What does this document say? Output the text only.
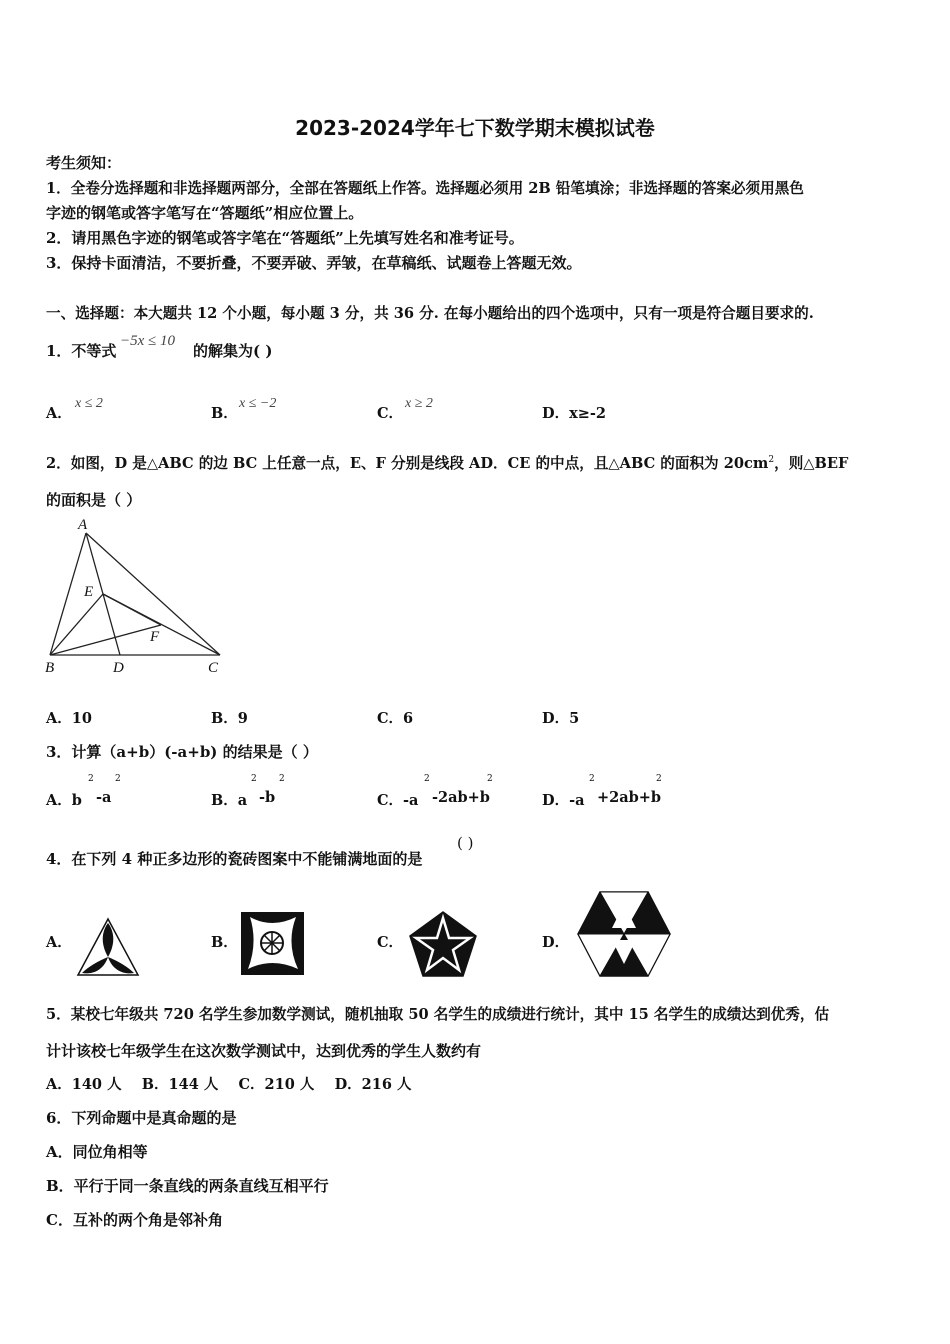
2023-2024学年七下数学期末模拟试卷
考生须知：
1．全卷分选择题和非选择题两部分，全部在答题纸上作答。选择题必须用 2B 铅笔填涂；非选择题的答案必须用黑色
字迹的钢笔或答字笔写在“答题纸”相应位置上。
2．请用黑色字迹的钢笔或答字笔在“答题纸”上先填写姓名和准考证号。
3．保持卡面清洁，不要折叠，不要弄破、弄皱，在草稿纸、试题卷上答题无效。
一、选择题：本大题共 12 个小题，每小题 3 分，共 36 分. 在每小题给出的四个选项中，只有一项是符合题目要求的.
1．不等式
−5x ≤ 10
的解集为( )
A．
x ≤ 2
B．
x ≤ −2
C．
x ≥ 2
D．x≥-2
2．如图，D 是△ABC 的边 BC 上任意一点，E、F 分别是线段 AD．CE 的中点，且△ABC 的面积为 $20cm^2$，则△BEF
的面积是（ ）
A
B	C
D
E
F
A．10	B．9	C．6	D．5
3．计算（a+b）(-a+b) 的结果是（ ）
A．b
2
-a
2
B．a
2
-b
2
C．-a
2
-2ab+b
2
D．-a
2
+2ab+b
2
4．在下列 4 种正多边形的瓷砖图案中不能铺满地面的是
( )
A．	B．	C．	D．
5．某校七年级共 720 名学生参加数学测试，随机抽取 50 名学生的成绩进行统计，其中 15 名学生的成绩达到优秀，估
计计该校七年级学生在这次数学测试中，达到优秀的学生人数约有
A．140 人    B．144 人    C．210 人    D．216 人
6．下列命题中是真命题的是
A．同位角相等
B．平行于同一条直线的两条直线互相平行
C．互补的两个角是邻补角
